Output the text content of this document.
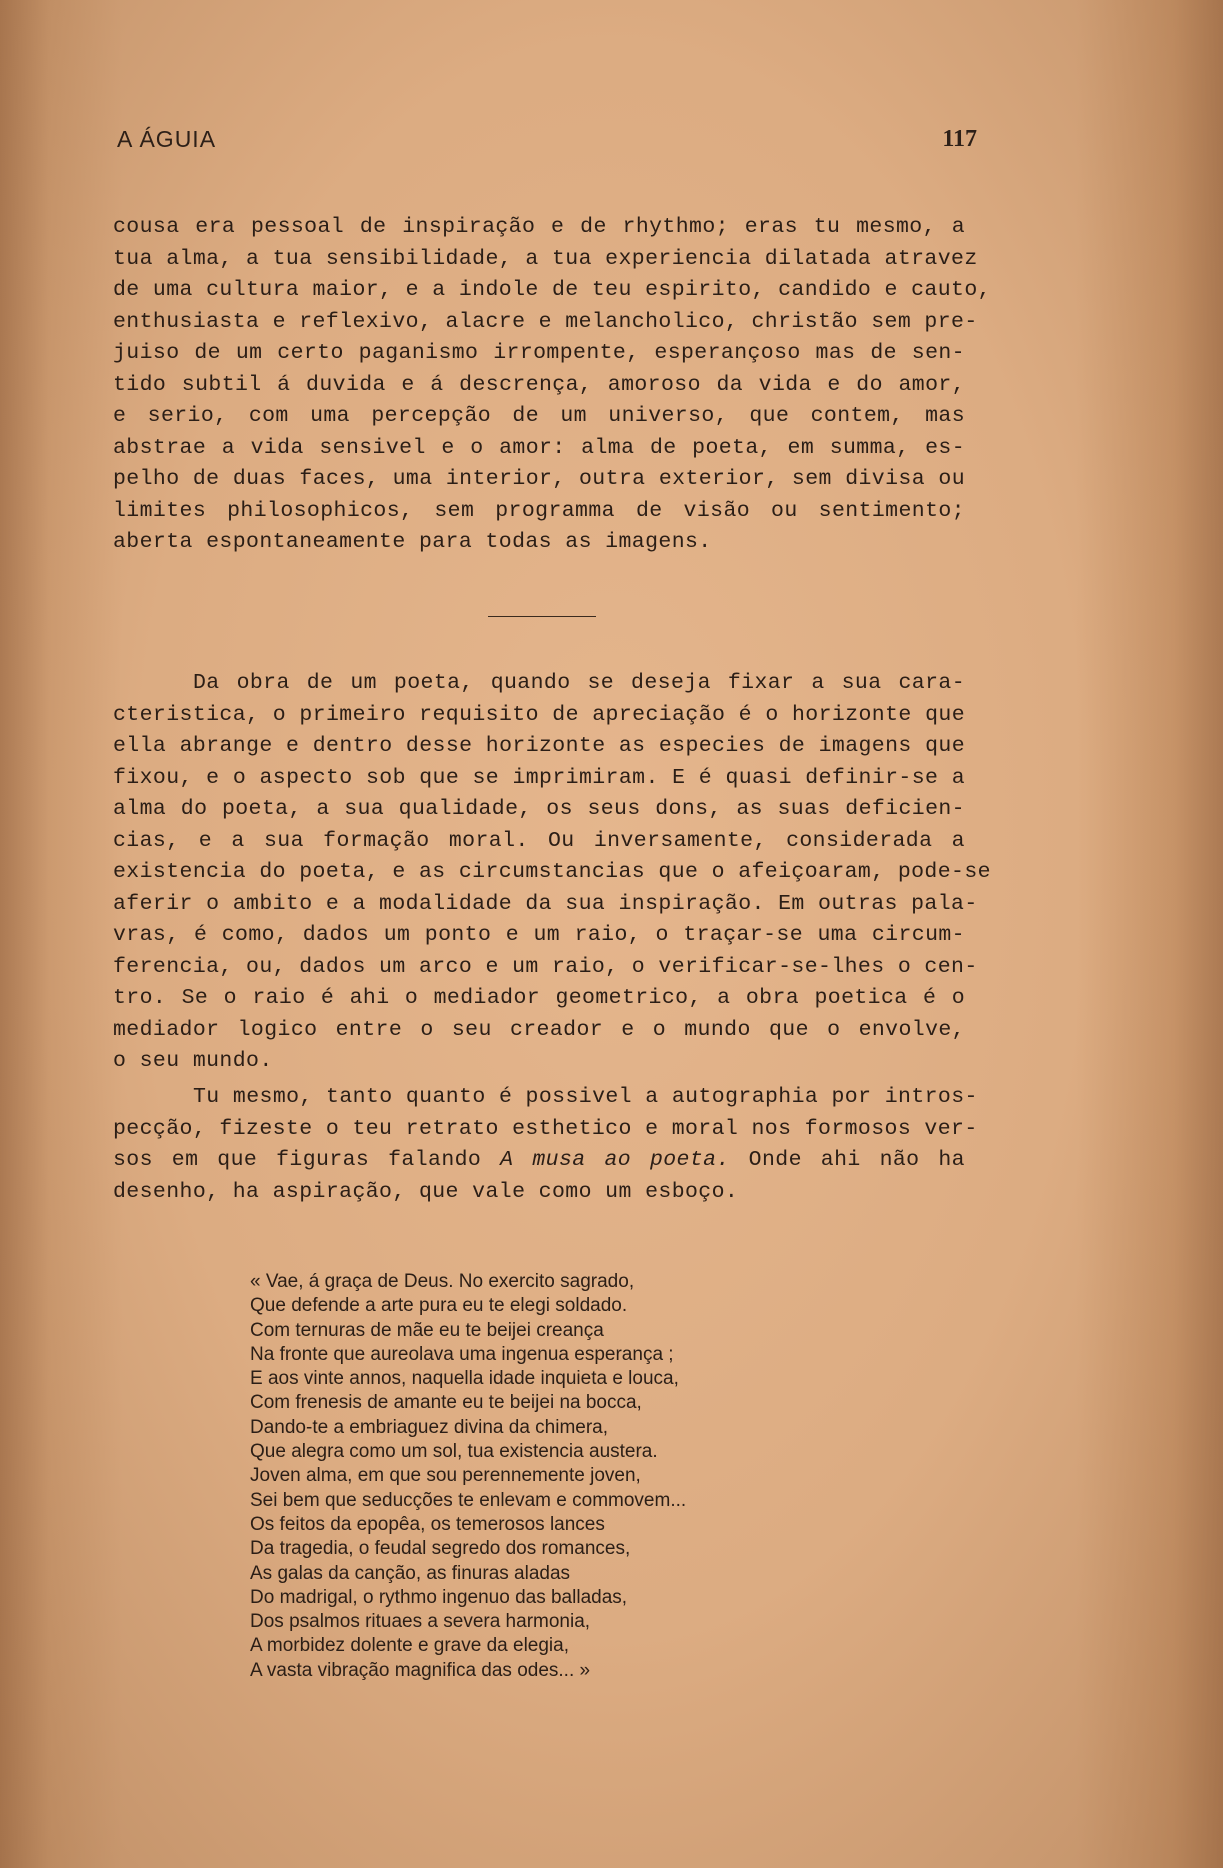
A ÁGUIA	117
cousa era pessoal de inspiração e de rhythmo; eras tu mesmo, a
tua alma, a tua sensibilidade, a tua experiencia dilatada atravez
de uma cultura maior, e a indole de teu espirito, candido e cauto,
enthusiasta e reflexivo, alacre e melancholico, christão sem pre-
juiso de um certo paganismo irrompente, esperançoso mas de sen-
tido subtil á duvida e á descrença, amoroso da vida e do amor,
e serio, com uma percepção de um universo, que contem, mas
abstrae a vida sensivel e o amor: alma de poeta, em summa, es-
pelho de duas faces, uma interior, outra exterior, sem divisa ou
limites philosophicos, sem programma de visão ou sentimento;
aberta espontaneamente para todas as imagens.
Da obra de um poeta, quando se deseja fixar a sua cara-
cteristica, o primeiro requisito de apreciação é o horizonte que
ella abrange e dentro desse horizonte as especies de imagens que
fixou, e o aspecto sob que se imprimiram. E é quasi definir-se a
alma do poeta, a sua qualidade, os seus dons, as suas deficien-
cias, e a sua formação moral. Ou inversamente, considerada a
existencia do poeta, e as circumstancias que o afeiçoaram, pode-se
aferir o ambito e a modalidade da sua inspiração. Em outras pala-
vras, é como, dados um ponto e um raio, o traçar-se uma circum-
ferencia, ou, dados um arco e um raio, o verificar-se-lhes o cen-
tro. Se o raio é ahi o mediador geometrico, a obra poetica é o
mediador logico entre o seu creador e o mundo que o envolve,
o seu mundo.
Tu mesmo, tanto quanto é possivel a autographia por intros-
pecção, fizeste o teu retrato esthetico e moral nos formosos ver-
sos em que figuras falando A musa ao poeta. Onde ahi não ha
desenho, ha aspiração, que vale como um esboço.
« Vae, á graça de Deus. No exercito sagrado,
Que defende a arte pura eu te elegi soldado.
Com ternuras de mãe eu te beijei creança
Na fronte que aureolava uma ingenua esperança ;
E aos vinte annos, naquella idade inquieta e louca,
Com frenesis de amante eu te beijei na bocca,
Dando-te a embriaguez divina da chimera,
Que alegra como um sol, tua existencia austera.
Joven alma, em que sou perennemente joven,
Sei bem que seducções te enlevam e commovem...
Os feitos da epopêa, os temerosos lances
Da tragedia, o feudal segredo dos romances,
As galas da canção, as finuras aladas
Do madrigal, o rythmo ingenuo das balladas,
Dos psalmos rituaes a severa harmonia,
A morbidez dolente e grave da elegia,
A vasta vibração magnifica das odes... »
